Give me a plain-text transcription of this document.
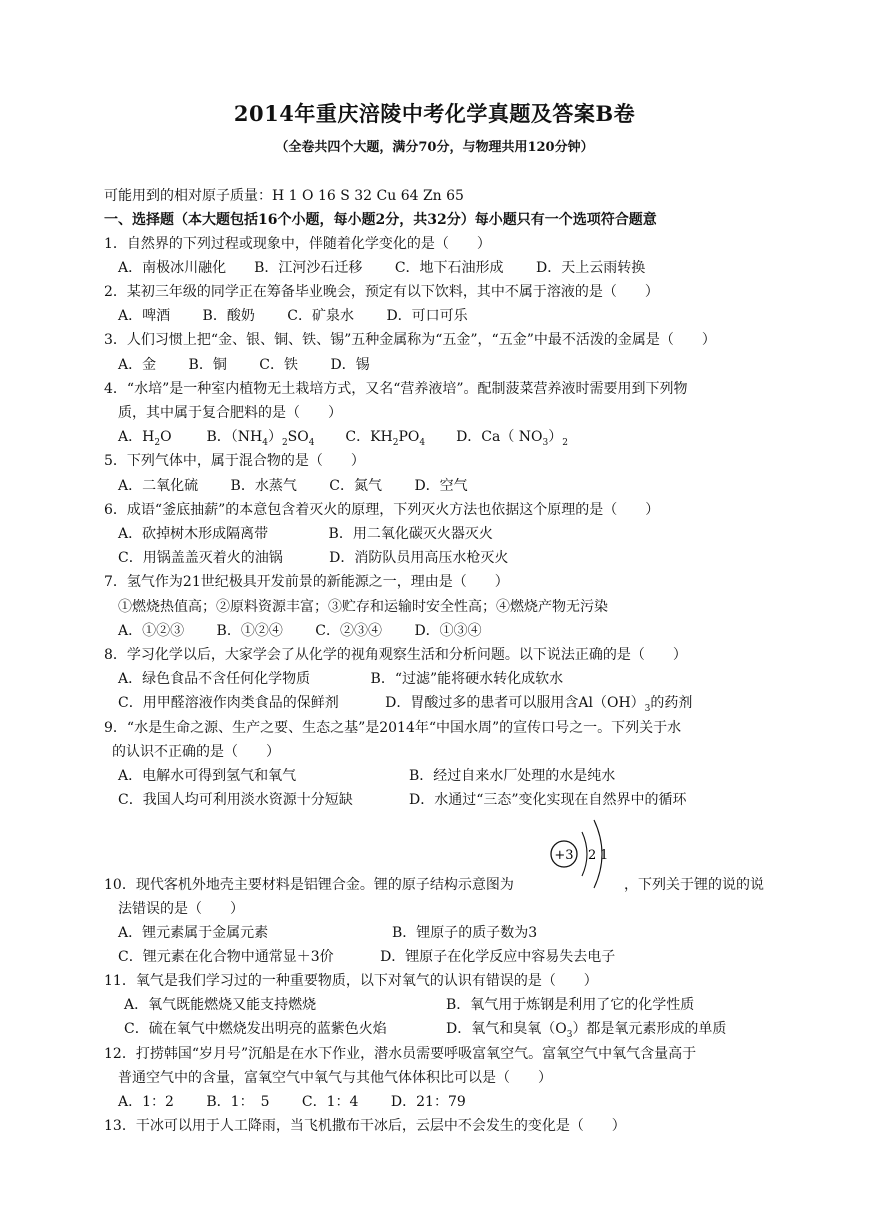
2014年重庆涪陵中考化学真题及答案B卷
（全卷共四个大题，满分70分，与物理共用120分钟）
可能用到的相对原子质量：H 1 O 16 S 32 Cu 64 Zn 65
一、选择题（本大题包括16个小题，每小题2分，共32分）每小题只有一个选项符合题意
1．自然界的下列过程或现象中，伴随着化学变化的是（　　）
A．南极冰川融化　　B．江河沙石迁移　　 C．地下石油形成　　 D．天上云雨转换
2．某初三年级的同学正在筹备毕业晚会，预定有以下饮料，其中不属于溶液的是（　　）
A．啤酒　　 B．酸奶　　 C．矿泉水　　 D．可口可乐
3．人们习惯上把“金、银、铜、铁、锡”五种金属称为“五金”，“五金”中最不活泼的金属是（　　）
A．金　　 B．铜　　 C．铁　　 D．锡
4．“水培”是一种室内植物无土栽培方式，又名“营养液培”。配制菠菜营养液时需要用到下列物
质，其中属于复合肥料的是（　　）
A．$H_2O$ B．$(NH_4)_2SO_4$ C．$KH_2PO_4$ D．Ca（ $NO_3)_2$
5．下列气体中，属于混合物的是（　　）
A．二氧化硫　　 B．水蒸气　　 C．氮气　　 D．空气
6．成语“釜底抽薪”的本意包含着灭火的原理，下列灭火方法也依据这个原理的是（　　）
A．砍掉树木形成隔离带　　　　 B．用二氧化碳灭火器灭火
C．用锅盖盖灭着火的油锅　　　 D．消防队员用高压水枪灭火
7．氢气作为21世纪极具开发前景的新能源之一，理由是（　　）
①燃烧热值高；②原料资源丰富；③贮存和运输时安全性高；④燃烧产物无污染
A．①②③　　 B．①②④　　 C．②③④　　 D．①③④
8．学习化学以后，大家学会了从化学的视角观察生活和分析问题。以下说法正确的是（　　）
A．绿色食品不含任何化学物质　　　　 B．“过滤”能将硬水转化成软水
C．用甲醛溶液作肉类食品的保鲜剂　　　 D．胃酸过多的患者可以服用含$Al(OH)_3$的药剂
9．“水是生命之源、生产之要、生态之基”是2014年“中国水周”的宣传口号之一。下列关于水
的认识不正确的是（　　）
A．电解水可得到氢气和氧气	B．经过自来水厂处理的水是纯水
C．我国人均可利用淡水资源十分短缺	D．水通过“三态”变化实现在自然界中的循环
+3 2 1
10．现代客机外地壳主要材料是铝锂合金。锂的原子结构示意图为	，下列关于锂的说的说
法错误的是（　　）
A．锂元素属于金属元素	B．锂原子的质子数为3
C．锂元素在化合物中通常显＋3价　　　 D．锂原子在化学反应中容易失去电子
11．氧气是我们学习过的一种重要物质，以下对氧气的认识有错误的是（　　）
A．氧气既能燃烧又能支持燃烧	B．氧气用于炼钢是利用了它的化学性质
C．硫在氧气中燃烧发出明亮的蓝紫色火焰	D．氧气和臭氧$(O_3)$都是氧元素形成的单质
12．打捞韩国“岁月号”沉船是在水下作业，潜水员需要呼吸富氧空气。富氧空气中氧气含量高于
普通空气中的含量，富氧空气中氧气与其他气体体积比可以是（　　）
A．1：2　　 B．1：　5　　 C．1：4　　 D．21：79
13．干冰可以用于人工降雨，当飞机撒布干冰后，云层中不会发生的变化是（　　）
